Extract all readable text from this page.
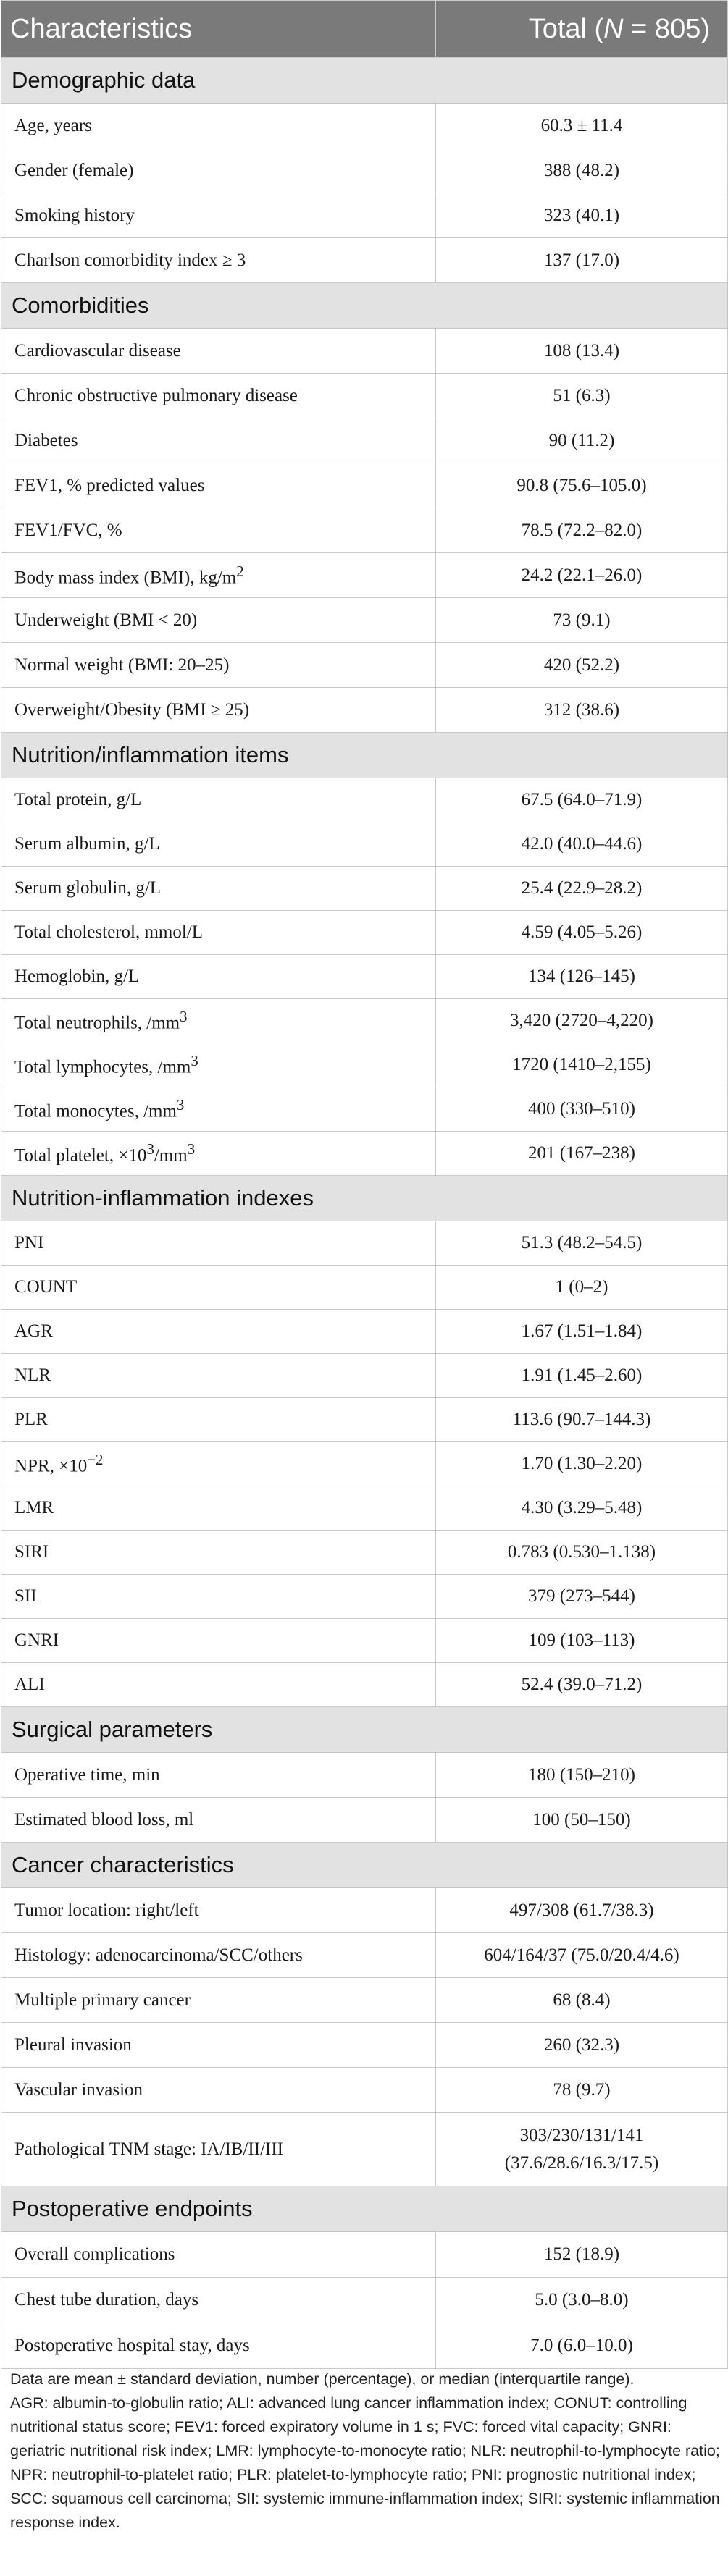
Characteristics	Total (N = 805)
Demographic data	
Age, years	60.3 ± 11.4
Gender (female)	388 (48.2)
Smoking history	323 (40.1)
Charlson comorbidity index ≥ 3	137 (17.0)
Comorbidities	
Cardiovascular disease	108 (13.4)
Chronic obstructive pulmonary disease	51 (6.3)
Diabetes	90 (11.2)
FEV1, % predicted values	90.8 (75.6–105.0)
FEV1/FVC, %	78.5 (72.2–82.0)
Body mass index (BMI), $kg/m^2$	24.2 (22.1–26.0)
Underweight (BMI < 20)	73 (9.1)
Normal weight (BMI: 20–25)	420 (52.2)
Overweight/Obesity (BMI ≥ 25)	312 (38.6)
Nutrition/inflammation items	
Total protein, g/L	67.5 (64.0–71.9)
Serum albumin, g/L	42.0 (40.0–44.6)
Serum globulin, g/L	25.4 (22.9–28.2)
Total cholesterol, mmol/L	4.59 (4.05–5.26)
Hemoglobin, g/L	134 (126–145)
Total neutrophils, $/mm^3$	3,420 (2720–4,220)
Total lymphocytes, $/mm^3$	1720 (1410–2,155)
Total monocytes, $/mm^3$	400 (330–510)
Total platelet, $\times 10^3/mm^3$	201 (167–238)
Nutrition-inflammation indexes	
PNI	51.3 (48.2–54.5)
COUNT	1 (0–2)
AGR	1.67 (1.51–1.84)
NLR	1.91 (1.45–2.60)
PLR	113.6 (90.7–144.3)
NPR, $\times 10^{-2}$	1.70 (1.30–2.20)
LMR	4.30 (3.29–5.48)
SIRI	0.783 (0.530–1.138)
SII	379 (273–544)
GNRI	109 (103–113)
ALI	52.4 (39.0–71.2)
Surgical parameters	
Operative time, min	180 (150–210)
Estimated blood loss, ml	100 (50–150)
Cancer characteristics	
Tumor location: right/left	497/308 (61.7/38.3)
Histology: adenocarcinoma/SCC/others	604/164/37 (75.0/20.4/4.6)
Multiple primary cancer	68 (8.4)
Pleural invasion	260 (32.3)
Vascular invasion	78 (9.7)
Pathological TNM stage: IA/IB/II/III	303/230/131/141
(37.6/28.6/16.3/17.5)

Postoperative endpoints	
Overall complications	152 (18.9)
Chest tube duration, days	5.0 (3.0–8.0)
Postoperative hospital stay, days	7.0 (6.0–10.0)

Data are mean ± standard deviation, number (percentage), or median (interquartile range).

AGR: albumin-to-globulin ratio; ALI: advanced lung cancer inflammation index; CONUT: controlling nutritional status score; FEV1: forced expiratory volume in 1 s; FVC: forced vital capacity; GNRI: geriatric nutritional risk index; LMR: lymphocyte-to-monocyte ratio; NLR: neutrophil-to-lymphocyte ratio; NPR: neutrophil-to-platelet ratio; PLR: platelet-to-lymphocyte ratio; PNI: prognostic nutritional index; SCC: squamous cell carcinoma; SII: systemic immune-inflammation index; SIRI: systemic inflammation response index.
